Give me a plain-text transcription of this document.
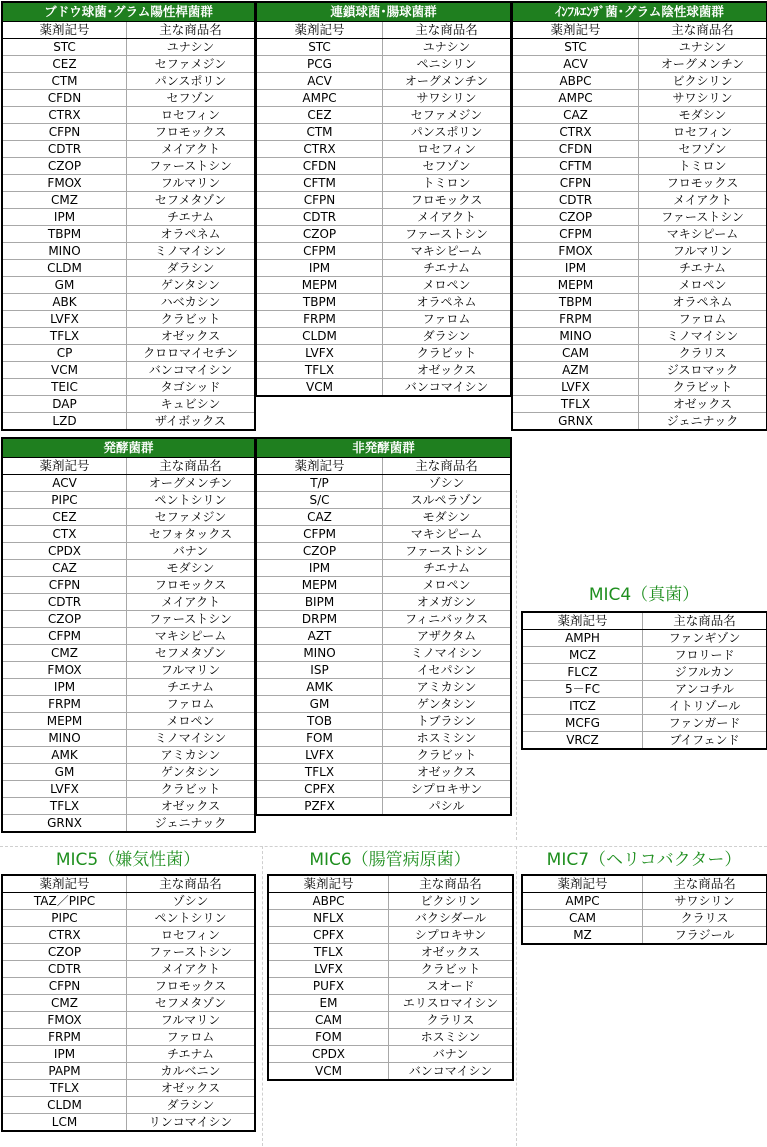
ブドウ球菌･グラム陽性桿菌群	
薬剤記号	主な商品名
STC	ユナシン
CEZ	セファメジン
CTM	パンスポリン
CFDN	セフゾン
CTRX	ロセフィン
CFPN	フロモックス
CDTR	メイアクト
CZOP	ファーストシン
FMOX	フルマリン
CMZ	セフメタゾン
IPM	チエナム
TBPM	オラペネム
MINO	ミノマイシン
CLDM	ダラシン
GM	ゲンタシン
ABK	ハベカシン
LVFX	クラビット
TFLX	オゼックス
CP	クロロマイセチン
VCM	バンコマイシン
TEIC	タゴシッド
DAP	キュビシン
LZD	ザイボックス
連鎖球菌･腸球菌群	
薬剤記号	主な商品名
STC	ユナシン
PCG	ペニシリン
ACV	オーグメンチン
AMPC	サワシリン
CEZ	セファメジン
CTM	パンスポリン
CTRX	ロセフィン
CFDN	セフゾン
CFTM	トミロン
CFPN	フロモックス
CDTR	メイアクト
CZOP	ファーストシン
CFPM	マキシピーム
IPM	チエナム
MEPM	メロペン
TBPM	オラペネム
FRPM	ファロム
CLDM	ダラシン
LVFX	クラビット
TFLX	オゼックス
VCM	バンコマイシン
ｲﾝﾌﾙｴﾝｻﾞ菌･グラム陰性球菌群	
薬剤記号	主な商品名
STC	ユナシン
ACV	オーグメンチン
ABPC	ビクシリン
AMPC	サワシリン
CAZ	モダシン
CTRX	ロセフィン
CFDN	セフゾン
CFTM	トミロン
CFPN	フロモックス
CDTR	メイアクト
CZOP	ファーストシン
CFPM	マキシピーム
FMOX	フルマリン
IPM	チエナム
MEPM	メロペン
TBPM	オラペネム
FRPM	ファロム
MINO	ミノマイシン
CAM	クラリス
AZM	ジスロマック
LVFX	クラビット
TFLX	オゼックス
GRNX	ジェニナック
発酵菌群	
薬剤記号	主な商品名
ACV	オーグメンチン
PIPC	ペントシリン
CEZ	セファメジン
CTX	セフォタックス
CPDX	バナン
CAZ	モダシン
CFPN	フロモックス
CDTR	メイアクト
CZOP	ファーストシン
CFPM	マキシピーム
CMZ	セフメタゾン
FMOX	フルマリン
IPM	チエナム
FRPM	ファロム
MEPM	メロペン
MINO	ミノマイシン
AMK	アミカシン
GM	ゲンタシン
LVFX	クラビット
TFLX	オゼックス
GRNX	ジェニナック
非発酵菌群	
薬剤記号	主な商品名
T/P	ゾシン
S/C	スルペラゾン
CAZ	モダシン
CFPM	マキシピーム
CZOP	ファーストシン
IPM	チエナム
MEPM	メロペン
BIPM	オメガシン
DRPM	フィニバックス
AZT	アザクタム
MINO	ミノマイシン
ISP	イセパシン
AMK	アミカシン
GM	ゲンタシン
TOB	トブラシン
FOM	ホスミシン
LVFX	クラビット
TFLX	オゼックス
CPFX	シプロキサン
PZFX	パシル
MIC4（真菌）
薬剤記号	主な商品名
AMPH	ファンギゾン
MCZ	フロリード
FLCZ	ジフルカン
5－FC	アンコチル
ITCZ	イトリゾール
MCFG	ファンガード
VRCZ	ブイフェンド
MIC5（嫌気性菌）
薬剤記号	主な商品名
TAZ／PIPC	ゾシン
PIPC	ペントシリン
CTRX	ロセフィン
CZOP	ファーストシン
CDTR	メイアクト
CFPN	フロモックス
CMZ	セフメタゾン
FMOX	フルマリン
FRPM	ファロム
IPM	チエナム
PAPM	カルベニン
TFLX	オゼックス
CLDM	ダラシン
LCM	リンコマイシン
MIC6（腸管病原菌）
薬剤記号	主な商品名
ABPC	ビクシリン
NFLX	バクシダール
CPFX	シプロキサン
TFLX	オゼックス
LVFX	クラビット
PUFX	スオード
EM	エリスロマイシン
CAM	クラリス
FOM	ホスミシン
CPDX	バナン
VCM	バンコマイシン
MIC7（ヘリコバクター）
薬剤記号	主な商品名
AMPC	サワシリン
CAM	クラリス
MZ	フラジール
